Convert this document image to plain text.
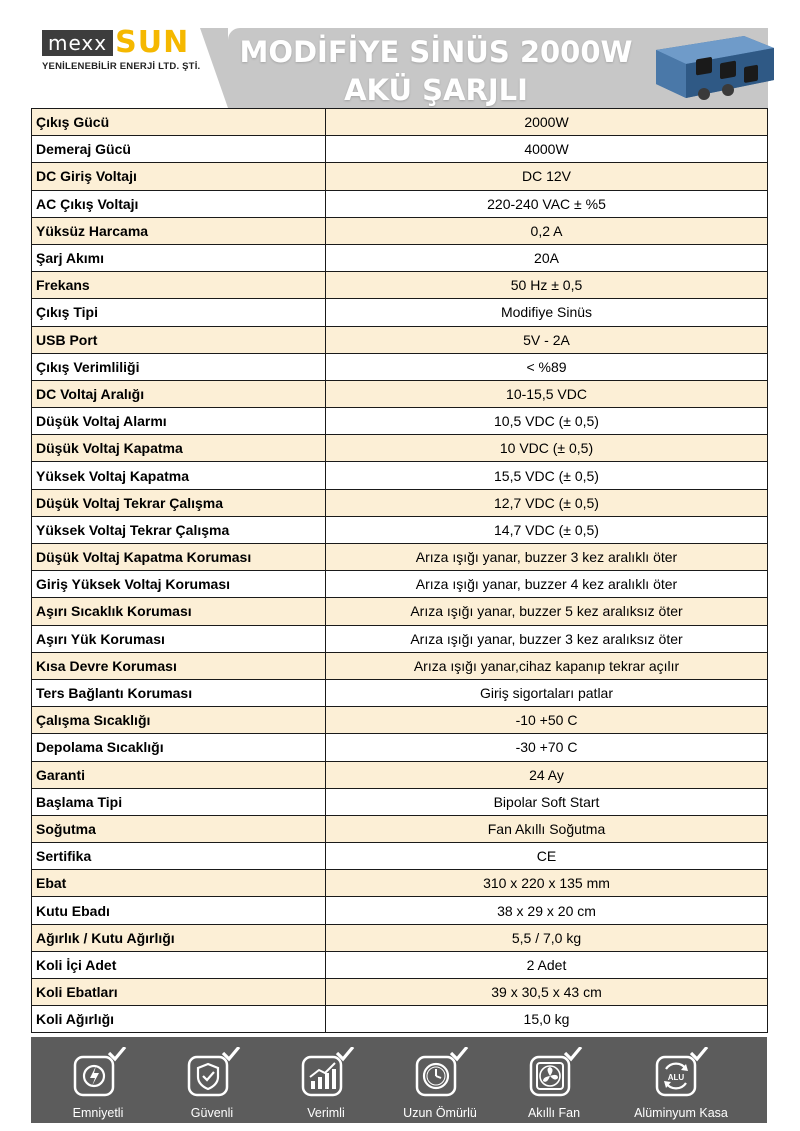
mexx SUN
YENİLENEBİLİR ENERJİ LTD. ŞTİ.	MODİFİYE SİNÜS 2000W
AKÜ ŞARJLI
Çıkış Gücü	2000W
Demeraj Gücü	4000W
DC Giriş Voltajı	DC 12V
AC Çıkış Voltajı	220-240 VAC ± %5
Yüksüz Harcama	0,2 A
Şarj Akımı	20A
Frekans	50 Hz ± 0,5
Çıkış Tipi	Modifiye Sinüs
USB Port	5V - 2A
Çıkış Verimliliği	< %89
DC Voltaj Aralığı	10-15,5 VDC
Düşük Voltaj Alarmı	10,5 VDC (± 0,5)
Düşük Voltaj Kapatma	10 VDC (± 0,5)
Yüksek Voltaj Kapatma	15,5 VDC (± 0,5)
Düşük Voltaj Tekrar Çalışma	12,7 VDC (± 0,5)
Yüksek Voltaj Tekrar Çalışma	14,7 VDC (± 0,5)
Düşük Voltaj Kapatma Koruması	Arıza ışığı yanar, buzzer 3 kez aralıklı öter
Giriş Yüksek Voltaj Koruması	Arıza ışığı yanar, buzzer 4 kez aralıklı öter
Aşırı Sıcaklık Koruması	Arıza ışığı yanar, buzzer 5 kez aralıksız öter
Aşırı Yük Koruması	Arıza ışığı yanar, buzzer 3 kez aralıksız öter
Kısa Devre Koruması	Arıza ışığı yanar,cihaz kapanıp tekrar açılır
Ters Bağlantı Koruması	Giriş sigortaları patlar
Çalışma Sıcaklığı	-10 +50 C
Depolama Sıcaklığı	-30 +70 C
Garanti	24 Ay
Başlama Tipi	Bipolar Soft Start
Soğutma	Fan Akıllı Soğutma
Sertifika	CE
Ebat	310 x 220 x 135 mm
Kutu Ebadı	38 x 29 x 20 cm
Ağırlık / Kutu Ağırlığı	5,5 / 7,0 kg
Koli İçi Adet	2 Adet
Koli Ebatları	39 x 30,5 x 43 cm
Koli Ağırlığı	15,0 kg
Emniyetli	Güvenli	Verimli	Uzun Ömürlü	Akıllı Fan
ALU
Alüminyum Kasa
